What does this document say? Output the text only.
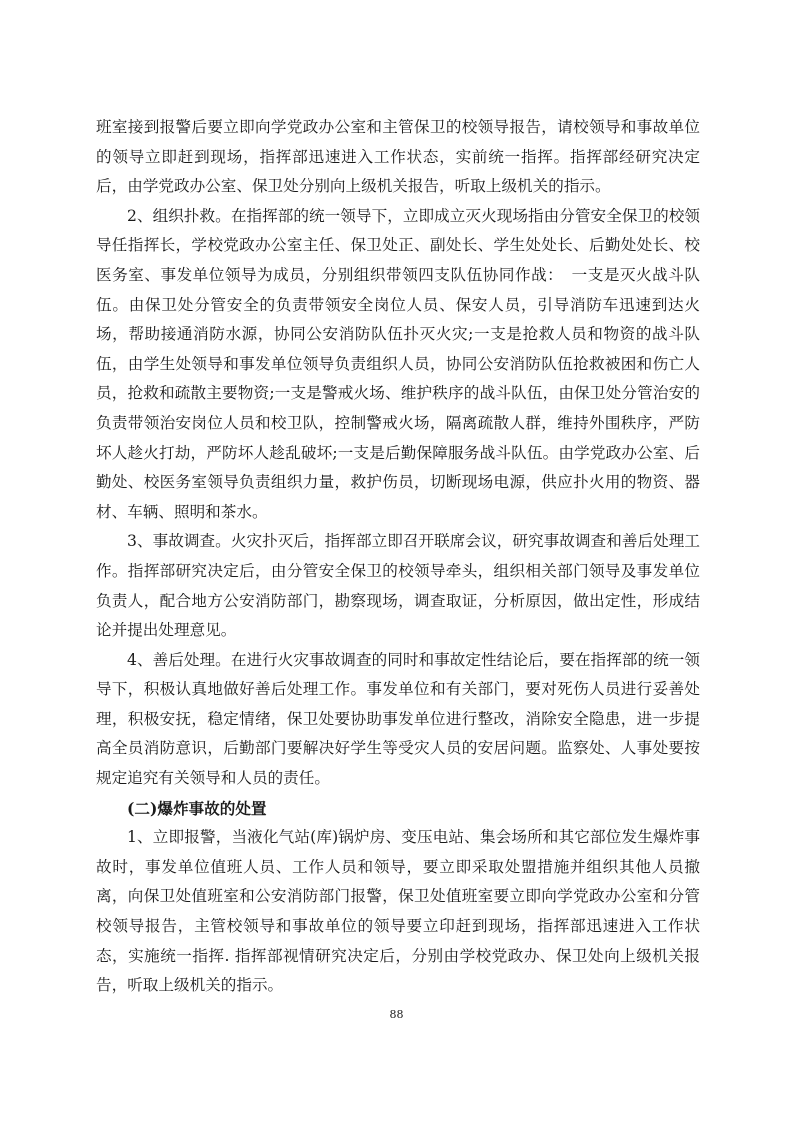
班室接到报警后要立即向学党政办公室和主管保卫的校领导报告，请校领导和事故单位的领导立即赶到现场，指挥部迅速进入工作状态，实前统一指挥。指挥部经研究决定后，由学党政办公室、保卫处分别向上级机关报告，听取上级机关的指示。

2、组织扑救。在指挥部的统一领导下，立即成立灭火现场指由分管安全保卫的校领导任指挥长，学校党政办公室主任、保卫处正、副处长、学生处处长、后勤处处长、校医务室、事发单位领导为成员，分别组织带领四支队伍协同作战：　一支是灭火战斗队伍。由保卫处分管安全的负责带领安全岗位人员、保安人员，引导消防车迅速到达火场，帮助接通消防水源，协同公安消防队伍扑灭火灾;一支是抢救人员和物资的战斗队伍，由学生处领导和事发单位领导负责组织人员，协同公安消防队伍抢救被困和伤亡人员，抢救和疏散主要物资;一支是警戒火场、维护秩序的战斗队伍，由保卫处分管治安的负责带领治安岗位人员和校卫队，控制警戒火场，隔离疏散人群，维持外围秩序，严防坏人趁火打劫，严防坏人趁乱破坏;一支是后勤保障服务战斗队伍。由学党政办公室、后勤处、校医务室领导负责组织力量，救护伤员，切断现场电源，供应扑火用的物资、器材、车辆、照明和茶水。

3、事故调查。火灾扑灭后，指挥部立即召开联席会议，研究事故调查和善后处理工作。指挥部研究决定后，由分管安全保卫的校领导牵头，组织相关部门领导及事发单位负责人，配合地方公安消防部门，勘察现场，调查取证，分析原因，做出定性，形成结论并提出处理意见。

4、善后处理。在进行火灾事故调查的同时和事故定性结论后，要在指挥部的统一领导下，积极认真地做好善后处理工作。事发单位和有关部门，要对死伤人员进行妥善处理，积极安抚，稳定情绪，保卫处要协助事发单位进行整改，消除安全隐患，进一步提高全员消防意识，后勤部门要解决好学生等受灾人员的安居问题。监察处、人事处要按规定追究有关领导和人员的责任。

(二)爆炸事故的处置

1、立即报警，当液化气站(库)锅炉房、变压电站、集会场所和其它部位发生爆炸事故时，事发单位值班人员、工作人员和领导，要立即采取处盟措施并组织其他人员撤离，向保卫处值班室和公安消防部门报警，保卫处值班室要立即向学党政办公室和分管校领导报告，主管校领导和事故单位的领导要立印赶到现场，指挥部迅速进入工作状态，实施统一指挥. 指挥部视情研究决定后，分别由学校党政办、保卫处向上级机关报告，听取上级机关的指示。

88
